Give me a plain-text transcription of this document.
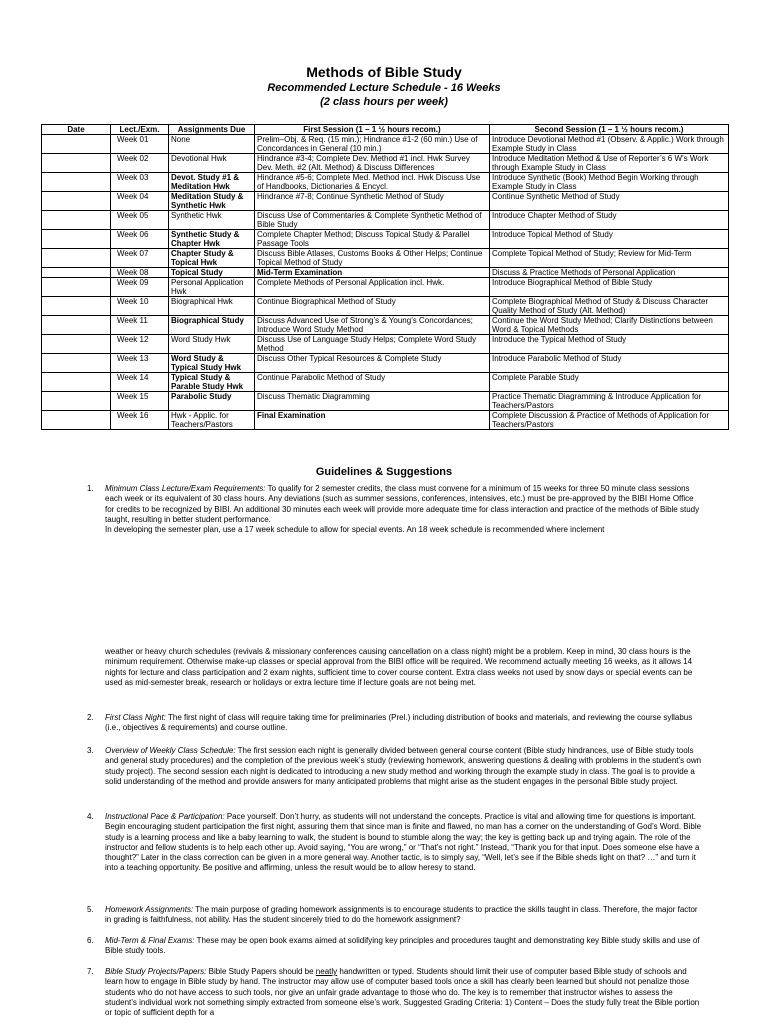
Methods of Bible Study
Recommended Lecture Schedule - 16 Weeks
(2 class hours per week)
Date	Lect./Exm.	Assignments Due	First Session (1 – 1 ½ hours recom.)	Second Session (1 – 1 ½ hours recom.)
	Week 01	None	Prelim–Obj. & Req. (15 min.); Hindrance #1-2 (60 min.) Use of Concordances in General (10 min.)	Introduce Devotional Method #1 (Observ. & Applic.) Work through Example Study in Class
	Week 02	Devotional Hwk	Hindrance #3-4; Complete Dev. Method #1 incl. Hwk Survey Dev. Meth. #2 (Alt. Method) & Discuss Differences	Introduce Meditation Method & Use of Reporter’s 6 W’s Work through Example Study in Class
	Week 03	Devot. Study #1 & Meditation Hwk	Hindrance #5-6; Complete Med. Method incl. Hwk Discuss Use of Handbooks, Dictionaries & Encycl.	Introduce Synthetic (Book) Method Begin Working through Example Study in Class
	Week 04	Meditation Study & Synthetic Hwk	Hindrance #7-8; Continue Synthetic Method of Study	Continue Synthetic Method of Study
	Week 05	Synthetic Hwk	Discuss Use of Commentaries & Complete Synthetic Method of Bible Study	Introduce Chapter Method of Study
	Week 06	Synthetic Study & Chapter Hwk	Complete Chapter Method; Discuss Topical Study & Parallel Passage Tools	Introduce Topical Method of Study
	Week 07	Chapter Study & Topical Hwk	Discuss Bible Atlases, Customs Books & Other Helps; Continue Topical Method of Study	Complete Topical Method of Study; Review for Mid-Term
	Week 08	Topical Study	Mid-Term Examination	Discuss & Practice Methods of Personal Application
	Week 09	Personal Application Hwk	Complete Methods of Personal Application incl. Hwk.	Introduce Biographical Method of Bible Study
	Week 10	Biographical Hwk	Continue Biographical Method of Study	Complete Biographical Method of Study & Discuss Character Quality Method of Study (Alt. Method)
	Week 11	Biographical Study	Discuss Advanced Use of Strong’s & Young’s Concordances; Introduce Word Study Method	Continue the Word Study Method; Clarify Distinctions between Word & Topical Methods
	Week 12	Word Study Hwk	Discuss Use of Language Study Helps; Complete Word Study Method	Introduce the Typical Method of Study
	Week 13	Word Study & Typical Study Hwk	Discuss Other Typical Resources & Complete Study	Introduce Parabolic Method of Study
	Week 14	Typical Study & Parable Study Hwk	Continue Parabolic Method of Study	Complete Parable Study
	Week 15	Parabolic Study	Discuss Thematic Diagramming	Practice Thematic Diagramming & Introduce Application for Teachers/Pastors
	Week 16	Hwk - Applic. for Teachers/Pastors	Final Examination	Complete Discussion & Practice of Methods of Application for Teachers/Pastors
Guidelines & Suggestions
1. Minimum Class Lecture/Exam Requirements: To qualify for 2 semester credits, the class must convene for a minimum of 15 weeks for three 50 minute class sessions each week or its equivalent of 30 class hours. Any deviations (such as summer sessions, conferences, intensives, etc.) must be pre-approved by the BIBI Home Office for credits to be recognized by BIBI. An additional 30 minutes each week will provide more adequate time for class interaction and practice of the methods of Bible study taught, resulting in better student performance.
In developing the semester plan, use a 17 week schedule to allow for special events. An 18 week schedule is recommended where inclement
weather or heavy church schedules (revivals & missionary conferences causing cancellation on a class night) might be a problem. Keep in mind, 30 class hours is the minimum requirement. Otherwise make-up classes or special approval from the BIBI office will be required. We recommend actually meeting 16 weeks, as it allows 14 nights for lecture and class participation and 2 exam nights, sufficient time to cover course content. Extra class weeks not used by snow days or special events can be used as mid-semester break, research or holidays or extra lecture time if lecture goals are not being met.
2. First Class Night: The first night of class will require taking time for preliminaries (Prel.) including distribution of books and materials, and reviewing the course syllabus (i.e., objectives & requirements) and course outline.
3. Overview of Weekly Class Schedule: The first session each night is generally divided between general course content (Bible study hindrances, use of Bible study tools and general study procedures) and the completion of the previous week’s study (reviewing homework, answering questions & dealing with problems in the student’s own study project). The second session each night is dedicated to introducing a new study method and working through the example study in class. The goal is to provide a solid understanding of the method and provide answers for many anticipated problems that might arise as the student engages in the personal Bible study project.
4. Instructional Pace & Participation: Pace yourself. Don’t hurry, as students will not understand the concepts. Practice is vital and allowing time for questions is important. Begin encouraging student participation the first night, assuring them that since man is finite and flawed, no man has a corner on the understanding of God’s Word. Bible study is a learning process and like a baby learning to walk, the student is bound to stumble along the way; the key is getting back up and trying again. The role of the instructor and fellow students is to help each other up. Avoid saying, “You are wrong,” or “That’s not right.” Instead, “Thank you for that input. Does someone else have a thought?” Later in the class correction can be given in a more general way. Another tactic, is to simply say, “Well, let’s see if the Bible sheds light on that? …” and turn it into a teaching opportunity. Be positive and affirming, unless the result would be to allow heresy to stand.
5. Homework Assignments: The main purpose of grading homework assignments is to encourage students to practice the skills taught in class. Therefore, the major factor in grading is faithfulness, not ability. Has the student sincerely tried to do the homework assignment?
6. Mid-Term & Final Exams: These may be open book exams aimed at solidifying key principles and procedures taught and demonstrating key Bible study skills and use of Bible study tools.
7. Bible Study Projects/Papers: Bible Study Papers should be neatly handwritten or typed. Students should limit their use of computer based Bible study of schools and learn how to engage in Bible study by hand. The instructor may allow use of computer based tools once a skill has clearly been learned but should not penalize those students who do not have access to such tools, nor give an unfair grade advantage to those who do. The key is to remember that instructor wishes to assess the student’s individual work not something simply extracted from someone else’s work. Suggested Grading Criteria: 1) Content – Does the study fully treat the Bible portion or topic of sufficient depth for a
